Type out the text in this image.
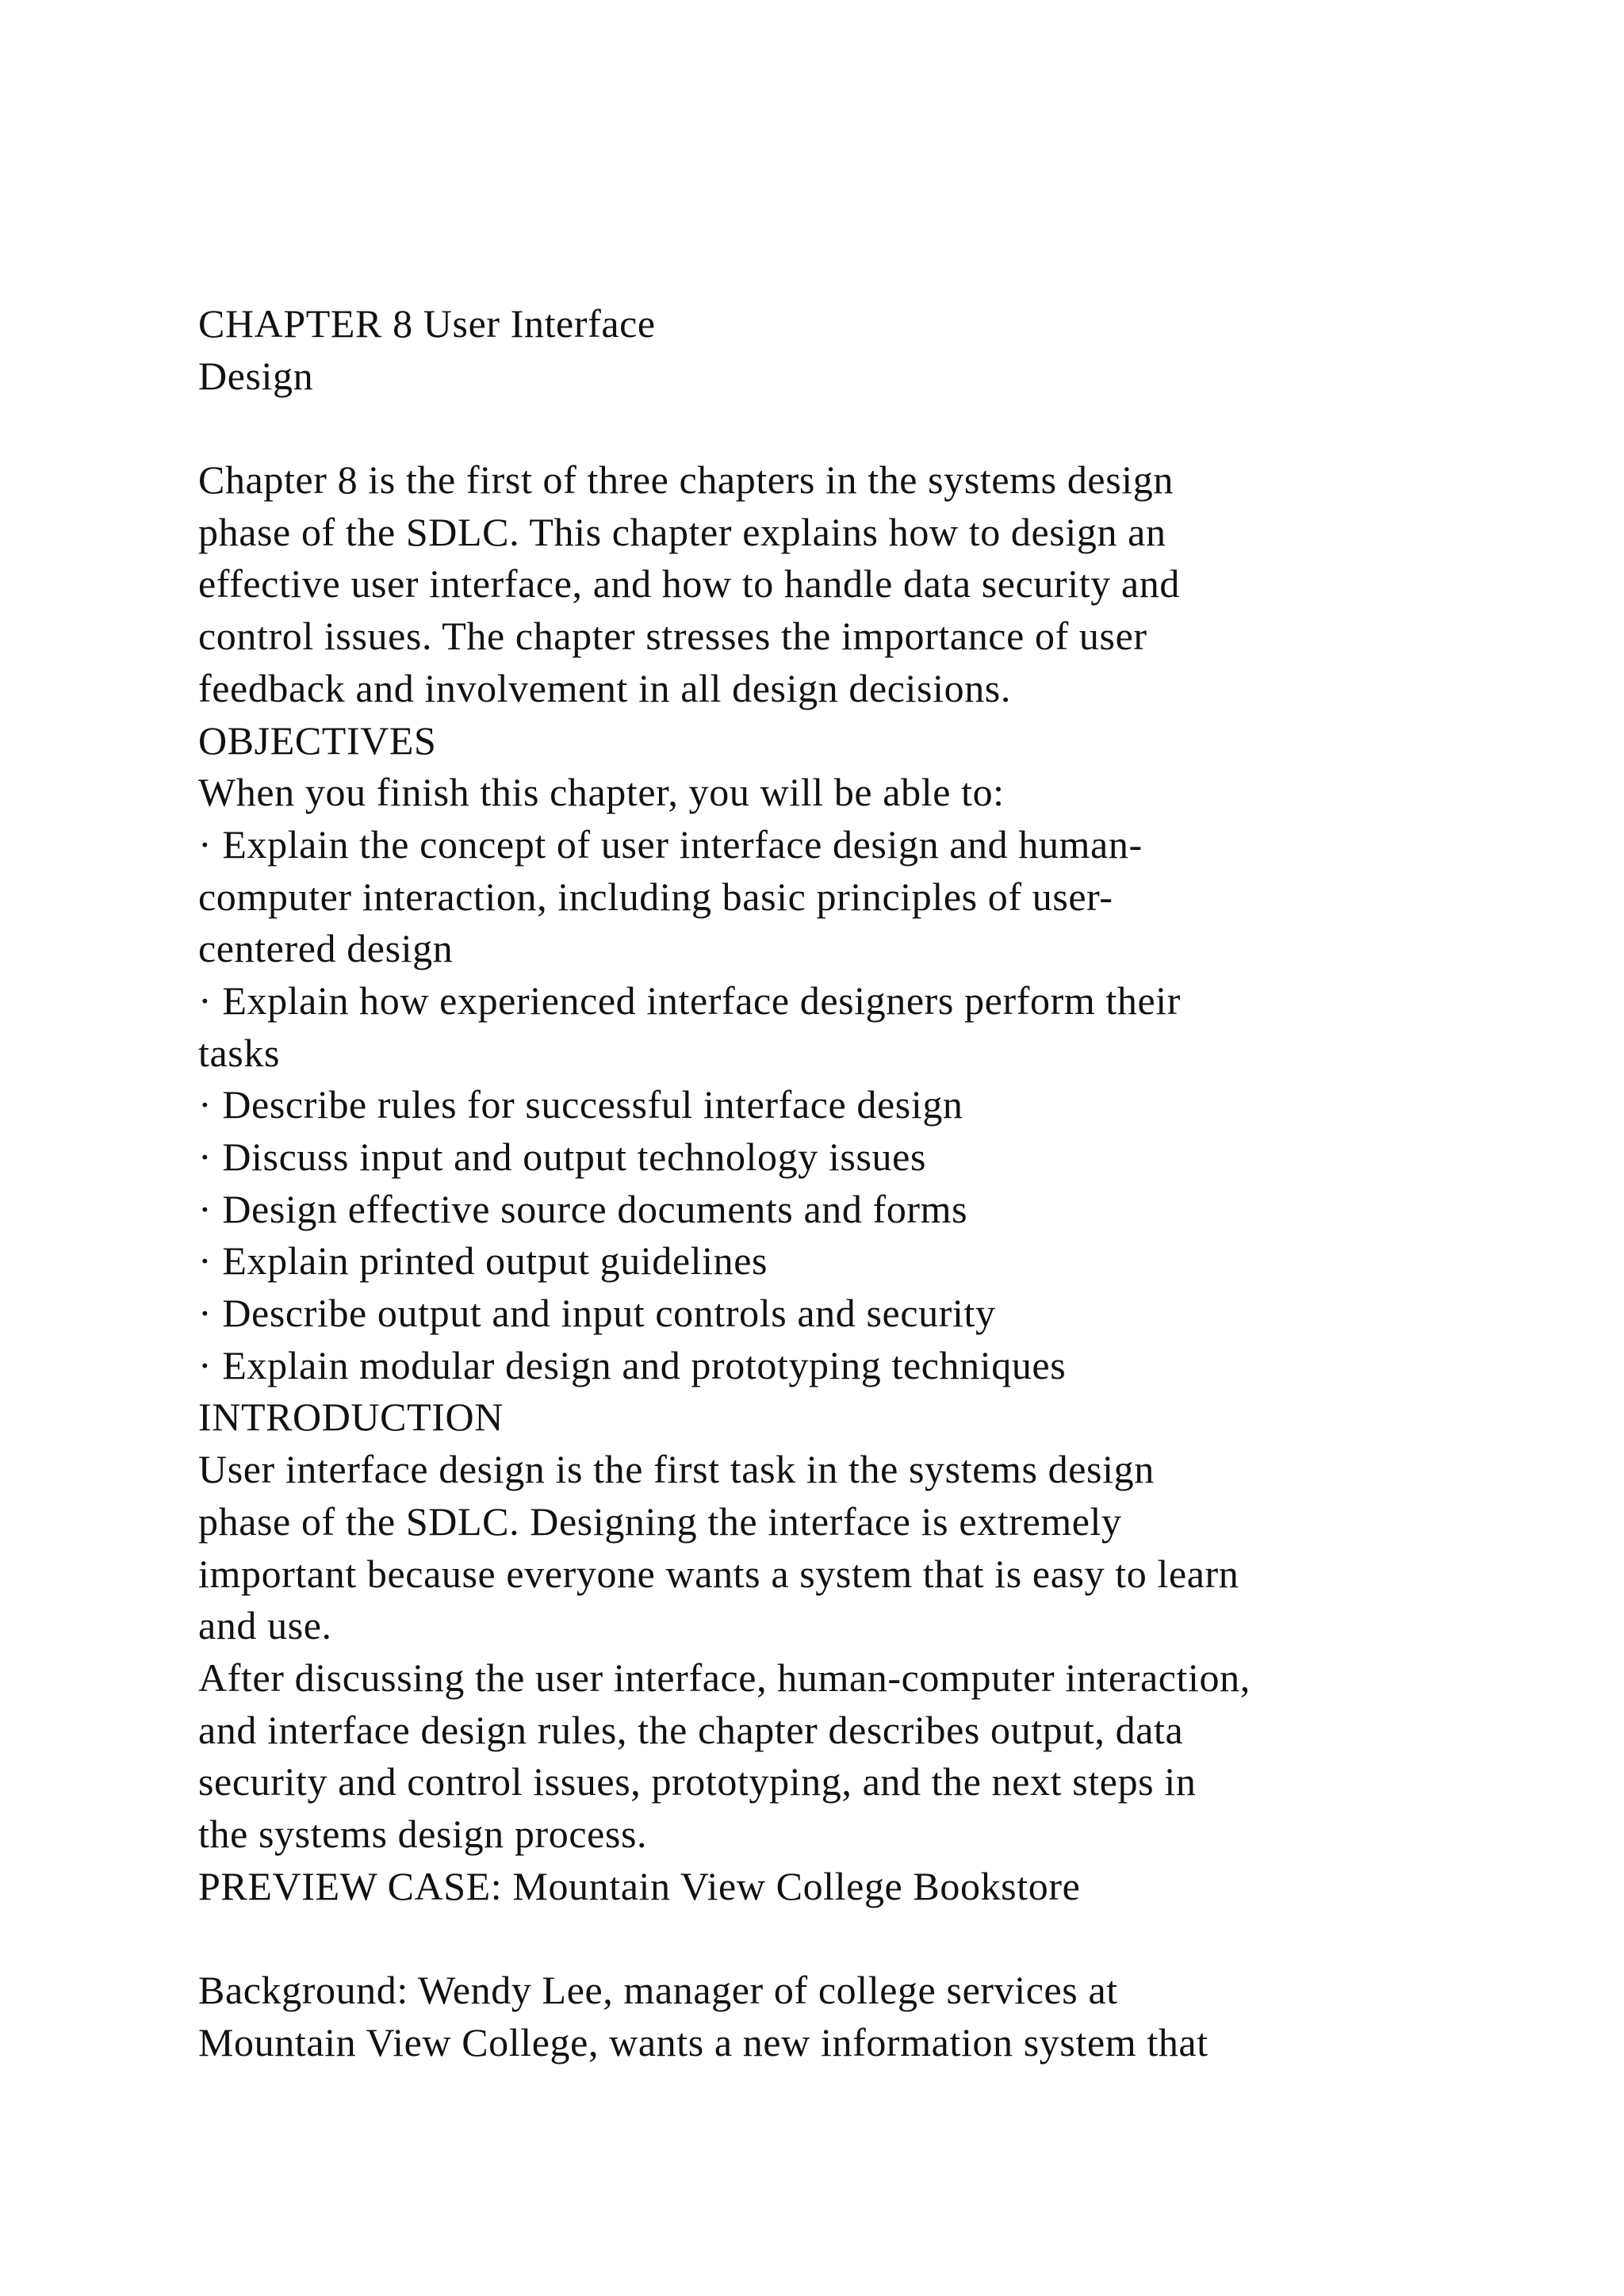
CHAPTER 8 User Interface
Design
Chapter 8 is the first of three chapters in the systems design
phase of the SDLC. This chapter explains how to design an
effective user interface, and how to handle data security and
control issues. The chapter stresses the importance of user
feedback and involvement in all design decisions.
OBJECTIVES
When you finish this chapter, you will be able to:
· Explain the concept of user interface design and human-
computer interaction, including basic principles of user-
centered design
· Explain how experienced interface designers perform their
tasks
· Describe rules for successful interface design
· Discuss input and output technology issues
· Design effective source documents and forms
· Explain printed output guidelines
· Describe output and input controls and security
· Explain modular design and prototyping techniques
INTRODUCTION
User interface design is the first task in the systems design
phase of the SDLC. Designing the interface is extremely
important because everyone wants a system that is easy to learn
and use.
After discussing the user interface, human-computer interaction,
and interface design rules, the chapter describes output, data
security and control issues, prototyping, and the next steps in
the systems design process.
PREVIEW CASE: Mountain View College Bookstore
Background: Wendy Lee, manager of college services at
Mountain View College, wants a new information system that
